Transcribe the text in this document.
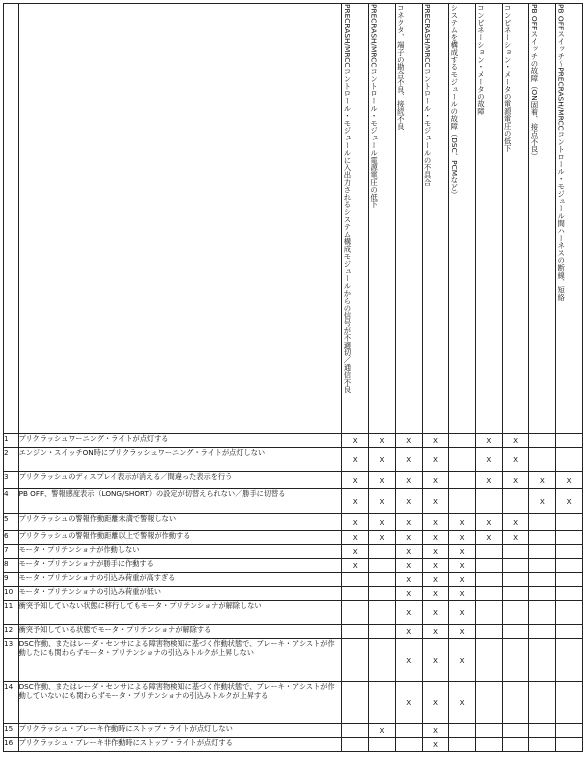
		PRECRASH/MRCCコントロール・モジュールに入出力されるシステム構成モジュールからの信号が不適切／通信不良	PRECRASH/MRCCコントロール・モジュール電源電圧の低下	コネクタ、端子の勘合不良、接続不良	PRECRASH/MRCCコントロール・モジュールの不具合	システムを構成するモジュールの故障（DSC、PCMなど）	コンビネーション・メータの故障	コンビネーション・メータの電源電圧の低下	PB OFFスイッチの故障（ON固着、接点不良）	PB OFFスイッチ〜PRECRASH/MRCCコントロール・モジュール間ハーネスの断線、短絡
1	プリクラッシュワーニング・ライトが点灯する	X	X	X	X		X	X		
2	エンジン・スイッチON時にプリクラッシュワーニング・ライトが点灯しない	X	X	X	X		X	X		
3	プリクラッシュのディスプレイ表示が消える／間違った表示を行う	X	X	X	X		X	X	X	X
4	PB OFF、警報感度表示（LONG/SHORT）の設定が切替えられない／勝手に切替る	X	X	X	X				X	X
5	プリクラッシュの警報作動距離未満で警報しない	X	X	X	X	X	X	X		
6	プリクラッシュの警報作動距離以上で警報が作動する	X	X	X	X	X	X	X		
7	モータ・プリテンショナが作動しない	X		X	X	X				
8	モータ・プリテンショナが勝手に作動する	X		X	X	X				
9	モータ・プリテンショナの引込み荷重が高すぎる			X	X	X				
10	モータ・プリテンショナの引込み荷重が低い			X	X	X				
11	衝突予知していない状態に移行してもモータ・プリテンショナが解除しない			X	X	X				
12	衝突予知している状態でモータ・プリテンショナが解除する			X	X	X				
13	DSC作動、またはレーダ・センサによる障害物検知に基づく作動状態で、ブレーキ・アシストが作動したにも関わらずモータ・プリテンショナの引込みトルクが上昇しない			X	X	X				
14	DSC作動、またはレーダ・センサによる障害物検知に基づく作動状態で、ブレーキ・アシストが作動していないにも関わらずモータ・プリテンショナの引込みトルクが上昇する			X	X	X				
15	プリクラッシュ・ブレーキ作動時にストップ・ライトが点灯しない		X		X					
16	プリクラッシュ・ブレーキ非作動時にストップ・ライトが点灯する				X					
